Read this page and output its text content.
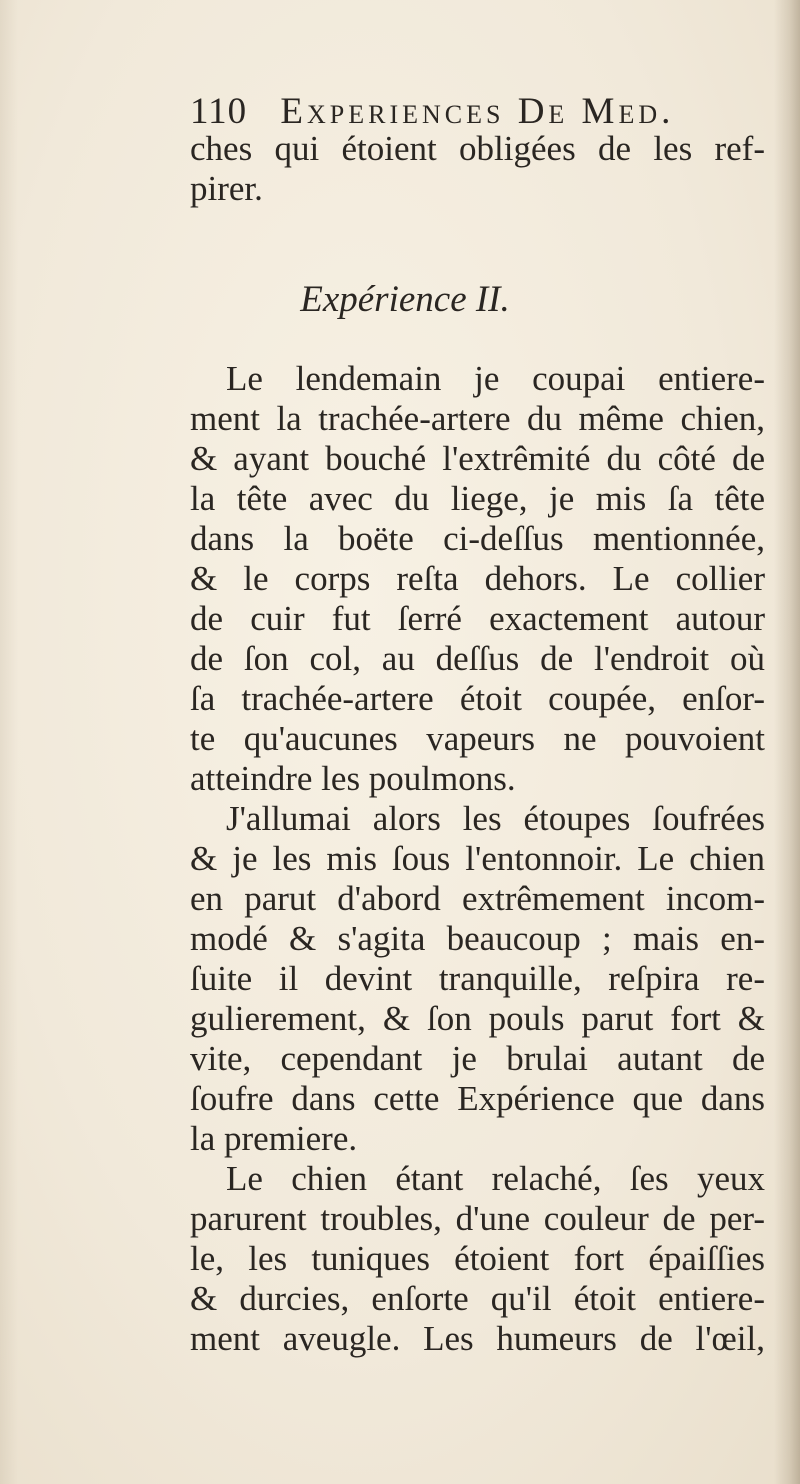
110 Experiences De Med.
ches qui étoient obligées de les ref-
pirer.
Expérience II.
Le lendemain je coupai entiere-
ment la trachée-artere du même chien,
& ayant bouché l'extrêmité du côté de
la tête avec du liege, je mis ſa tête
dans la boëte ci-deſſus mentionnée,
& le corps reſta dehors. Le collier
de cuir fut ſerré exactement autour
de ſon col, au deſſus de l'endroit où
ſa trachée-artere étoit coupée, enſor-
te qu'aucunes vapeurs ne pouvoient
atteindre les poulmons.
J'allumai alors les étoupes ſoufrées
& je les mis ſous l'entonnoir. Le chien
en parut d'abord extrêmement incom-
modé & s'agita beaucoup ; mais en-
ſuite il devint tranquille, reſpira re-
gulierement, & ſon pouls parut fort &
vite, cependant je brulai autant de
ſoufre dans cette Expérience que dans
la premiere.
Le chien étant relaché, ſes yeux
parurent troubles, d'une couleur de per-
le, les tuniques étoient fort épaiſſies
& durcies, enſorte qu'il étoit entiere-
ment aveugle. Les humeurs de l'œil,
